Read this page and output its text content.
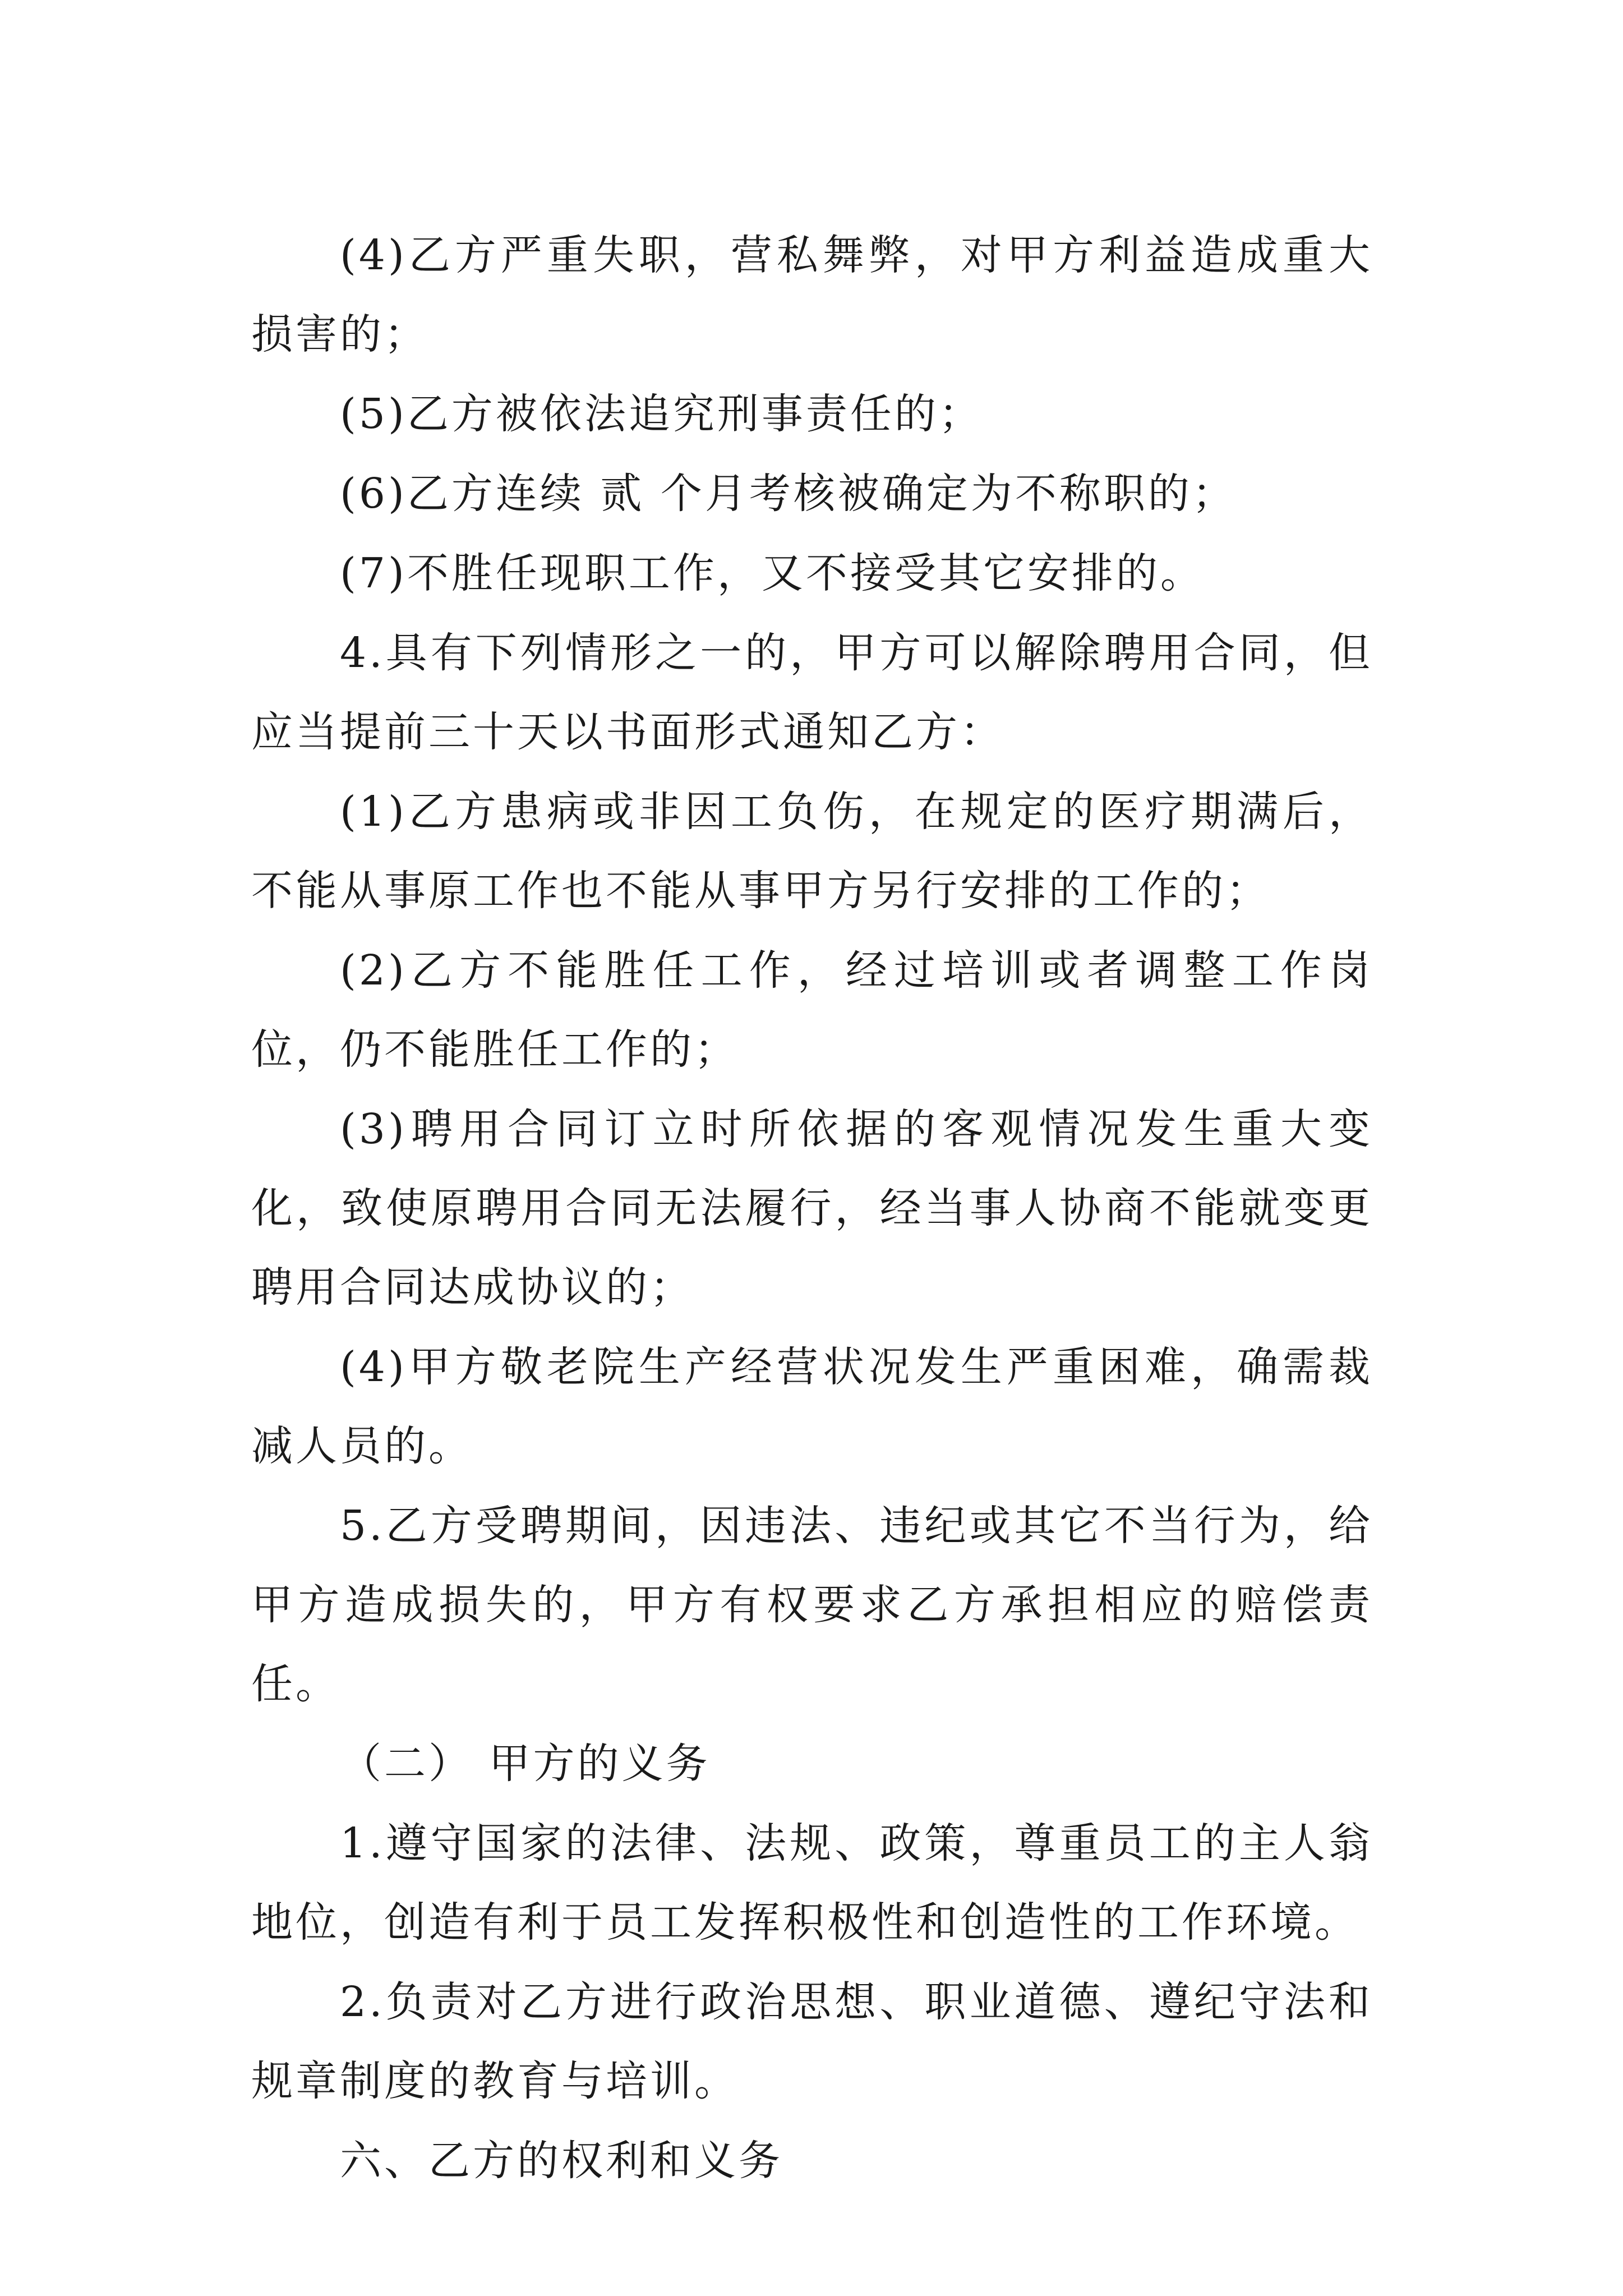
(4)乙方严重失职，营私舞弊，对甲方利益造成重大损害的；

(5)乙方被依法追究刑事责任的；

(6)乙方连续 贰 个月考核被确定为不称职的；

(7)不胜任现职工作，又不接受其它安排的。

4.具有下列情形之一的，甲方可以解除聘用合同，但应当提前三十天以书面形式通知乙方：

(1)乙方患病或非因工负伤，在规定的医疗期满后，不能从事原工作也不能从事甲方另行安排的工作的；

(2)乙方不能胜任工作，经过培训或者调整工作岗位，仍不能胜任工作的；

(3)聘用合同订立时所依据的客观情况发生重大变化，致使原聘用合同无法履行，经当事人协商不能就变更聘用合同达成协议的；

(4)甲方敬老院生产经营状况发生严重困难，确需裁减人员的。

5.乙方受聘期间，因违法、违纪或其它不当行为，给甲方造成损失的，甲方有权要求乙方承担相应的赔偿责任。

（二） 甲方的义务

1.遵守国家的法律、法规、政策，尊重员工的主人翁地位，创造有利于员工发挥积极性和创造性的工作环境。

2.负责对乙方进行政治思想、职业道德、遵纪守法和规章制度的教育与培训。

六、乙方的权利和义务
